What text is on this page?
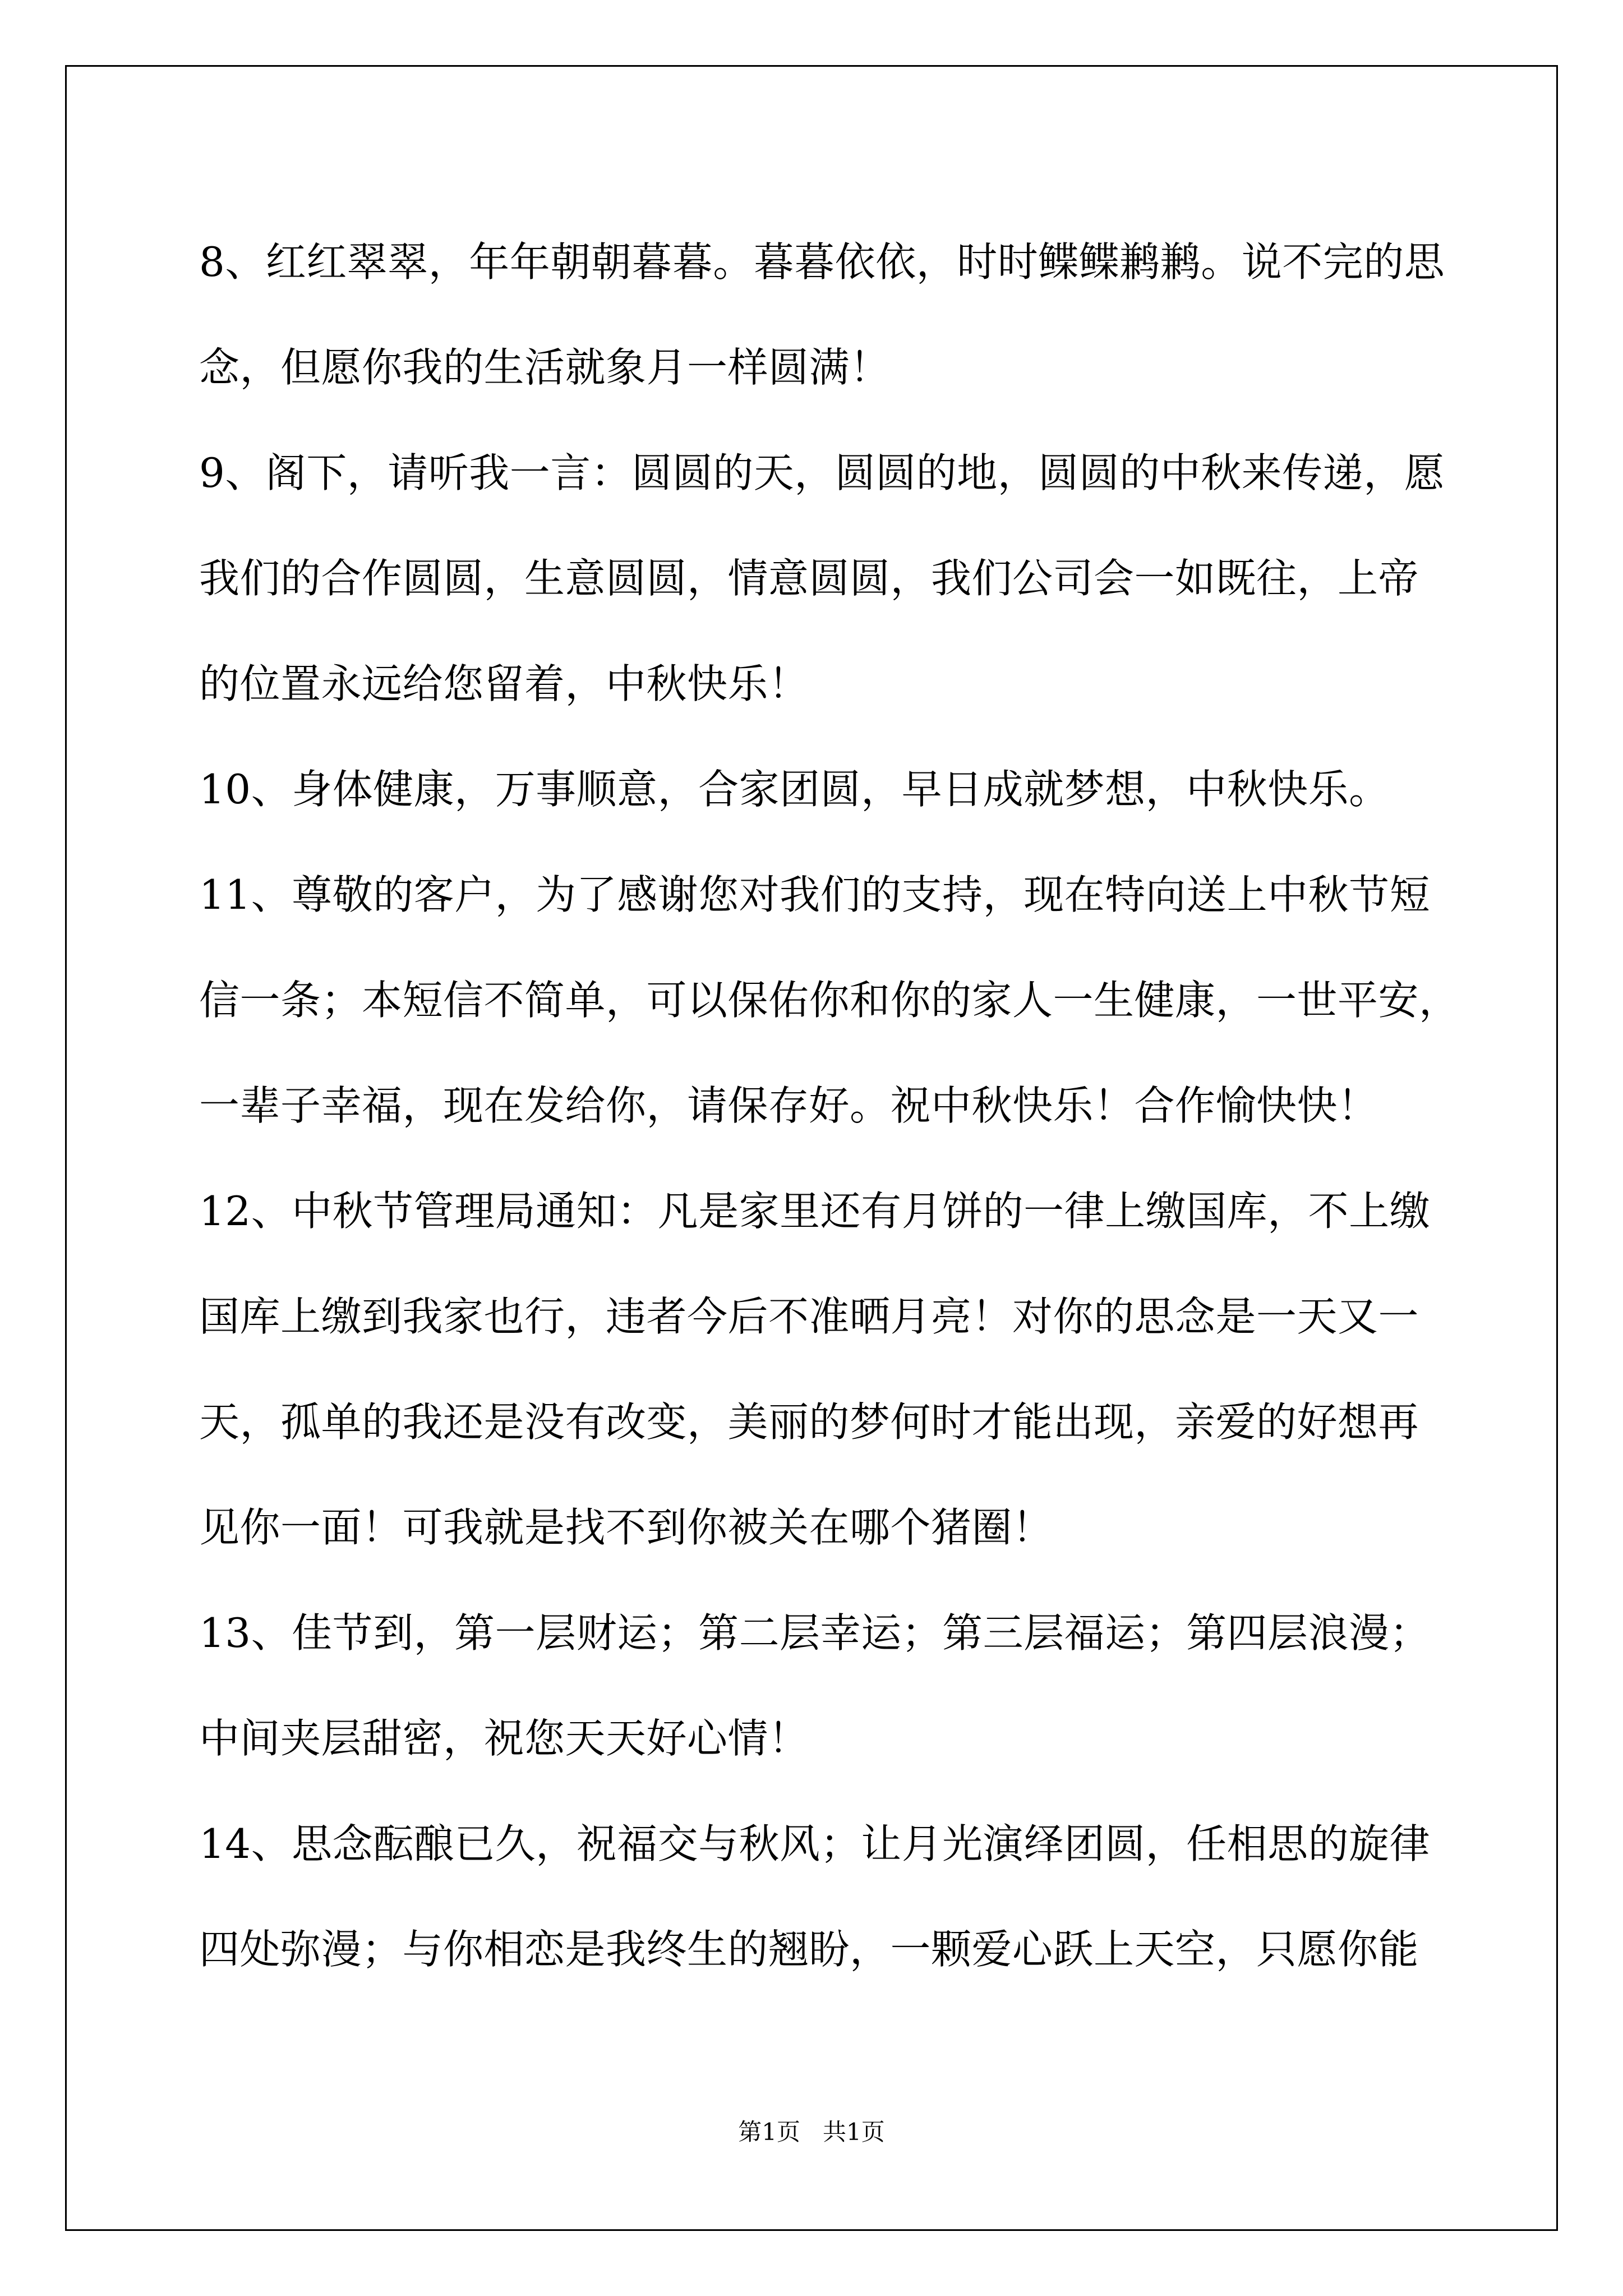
8、红红翠翠，年年朝朝暮暮。暮暮依依，时时鲽鲽鹣鹣。说不完的思
念，但愿你我的生活就象月一样圆满！
9、阁下，请听我一言：圆圆的天，圆圆的地，圆圆的中秋来传递，愿
我们的合作圆圆，生意圆圆，情意圆圆，我们公司会一如既往，上帝
的位置永远给您留着，中秋快乐！
10、身体健康，万事顺意，合家团圆，早日成就梦想，中秋快乐。
11、尊敬的客户，为了感谢您对我们的支持，现在特向送上中秋节短
信一条；本短信不简单，可以保佑你和你的家人一生健康，一世平安，
一辈子幸福，现在发给你，请保存好。祝中秋快乐！合作愉快快！
12、中秋节管理局通知：凡是家里还有月饼的一律上缴国库，不上缴
国库上缴到我家也行，违者今后不准晒月亮！对你的思念是一天又一
天，孤单的我还是没有改变，美丽的梦何时才能出现，亲爱的好想再
见你一面！可我就是找不到你被关在哪个猪圈！
13、佳节到，第一层财运；第二层幸运；第三层福运；第四层浪漫；
中间夹层甜密，祝您天天好心情！
14、思念酝酿已久，祝福交与秋风；让月光演绎团圆，任相思的旋律
四处弥漫；与你相恋是我终生的翘盼，一颗爱心跃上天空，只愿你能
第1页   共1页
